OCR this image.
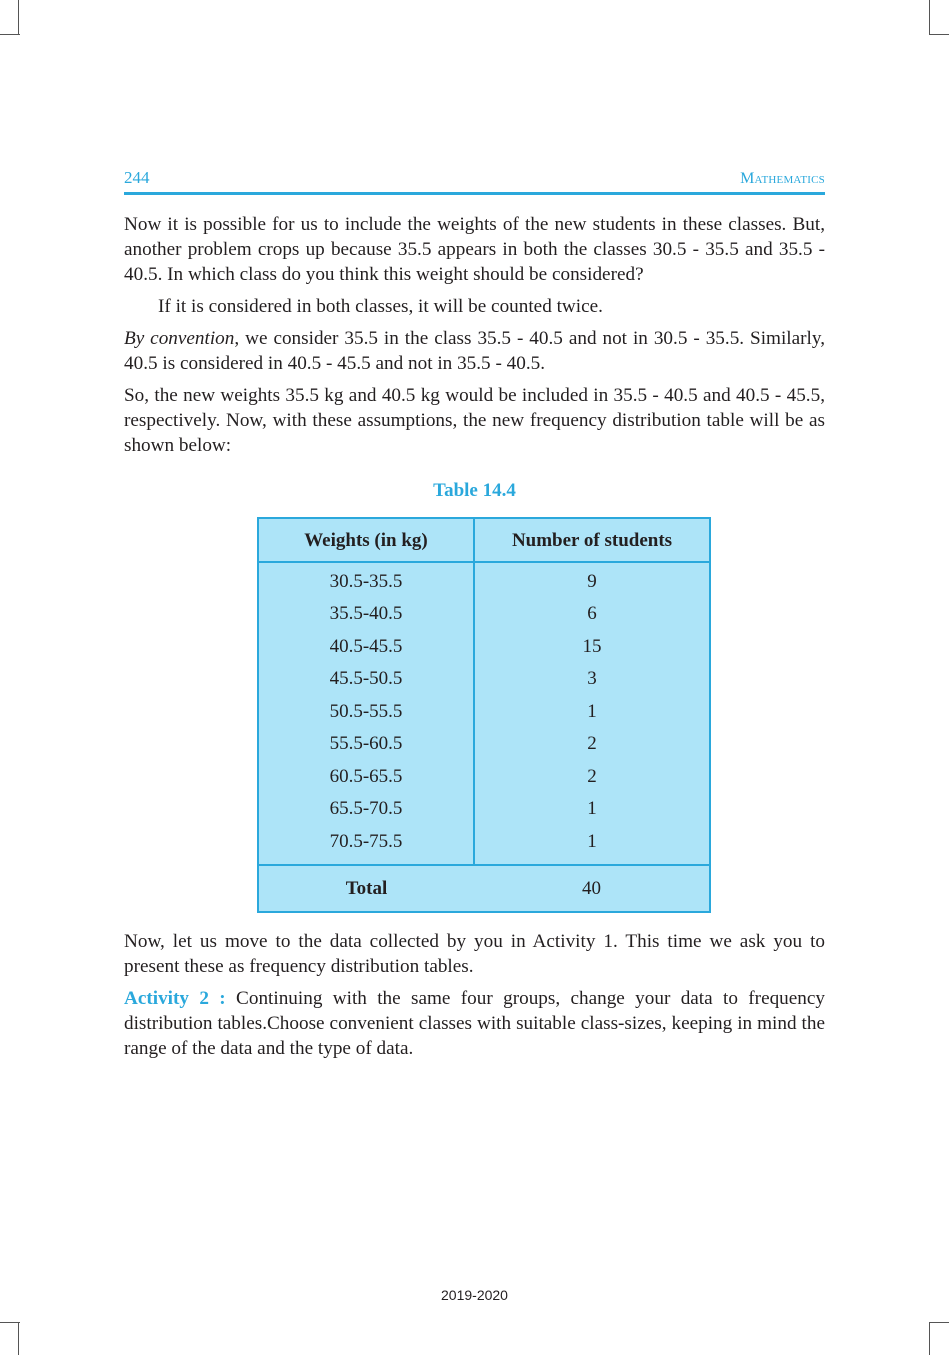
244	Mathematics

Now it is possible for us to include the weights of the new students in these classes. But, another problem crops up because 35.5 appears in both the classes 30.5 - 35.5 and 35.5 - 40.5. In which class do you think this weight should be considered?

If it is considered in both classes, it will be counted twice.

By convention, we consider 35.5 in the class 35.5 - 40.5 and not in 30.5 - 35.5. Similarly, 40.5 is considered in 40.5 - 45.5 and not in 35.5 - 40.5.

So, the new weights 35.5 kg and 40.5 kg would be included in 35.5 - 40.5 and 40.5 - 45.5, respectively. Now, with these assumptions, the new frequency distribution table will be as shown below:

Table 14.4
Weights (in kg)	Number of students
30.5-35.5	9
35.5-40.5	6
40.5-45.5	15
45.5-50.5	3
50.5-55.5	1
55.5-60.5	2
60.5-65.5	2
65.5-70.5	1
70.5-75.5	1
Total	40

Now, let us move to the data collected by you in Activity 1. This time we ask you to present these as frequency distribution tables.

Activity 2 : Continuing with the same four groups, change your data to frequency distribution tables.Choose convenient classes with suitable class-sizes, keeping in mind the range of the data and the type of data.

2019-2020
